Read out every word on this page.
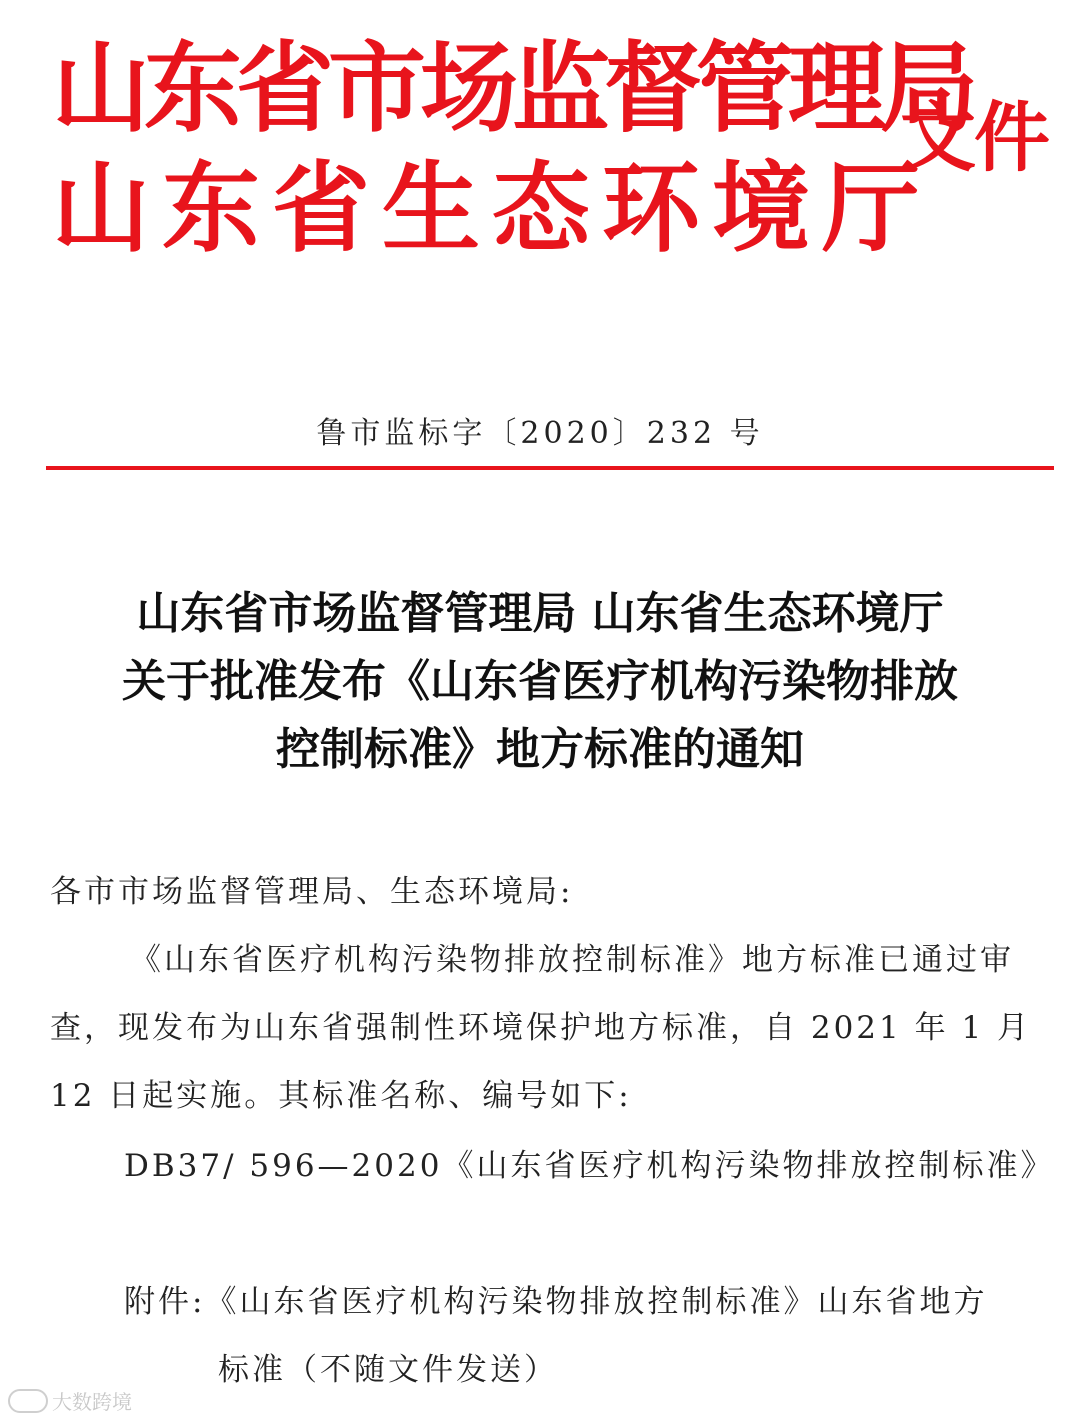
山东省市场监督管理局
山东省生态环境厅
文件
鲁市监标字〔2020〕232 号
山东省市场监督管理局 山东省生态环境厅
关于批准发布《山东省医疗机构污染物排放
控制标准》地方标准的通知
各市市场监督管理局、生态环境局:
《山东省医疗机构污染物排放控制标准》地方标准已通过审
查，现发布为山东省强制性环境保护地方标准，自 2021 年 1 月
12 日起实施。其标准名称、编号如下:
DB37/ 596—2020《山东省医疗机构污染物排放控制标准》
附件:《山东省医疗机构污染物排放控制标准》山东省地方
标准（不随文件发送）
大数跨境
